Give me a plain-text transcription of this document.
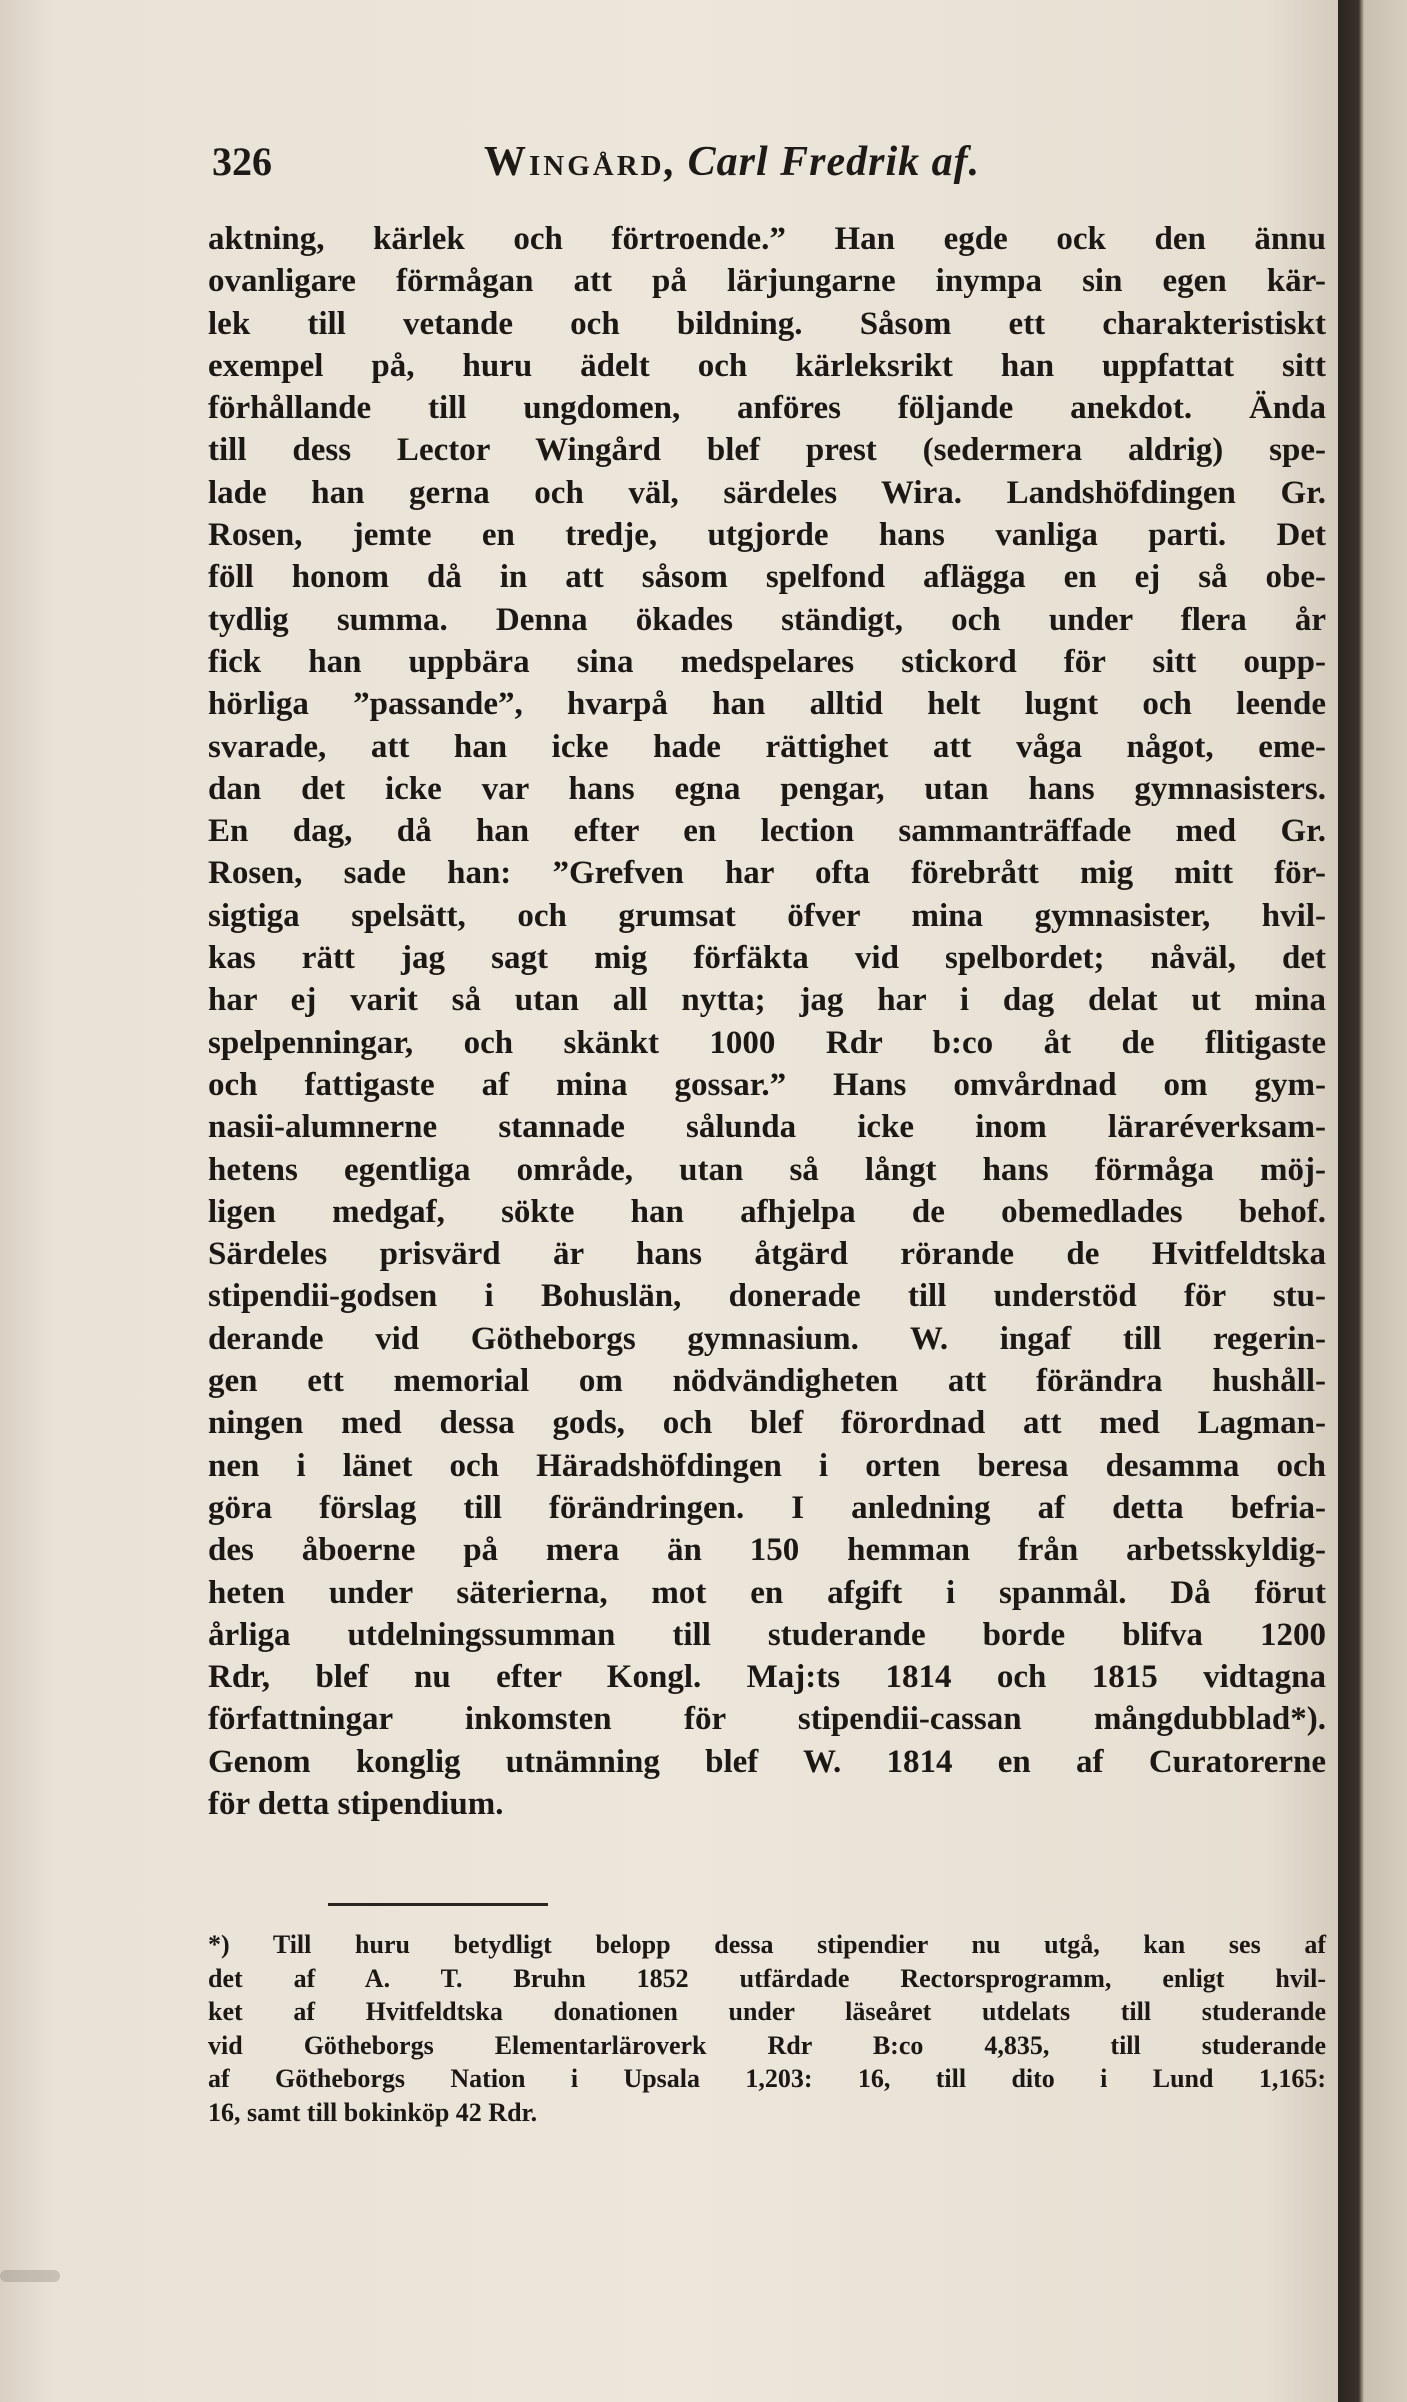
326	Wingård, Carl Fredrik af.
aktning, kärlek och förtroende.” Han egde ock den ännu
ovanligare förmågan att på lärjungarne inympa sin egen kär-
lek till vetande och bildning. Såsom ett charakteristiskt
exempel på, huru ädelt och kärleksrikt han uppfattat sitt
förhållande till ungdomen, anföres följande anekdot. Ända
till dess Lector Wingård blef prest (sedermera aldrig) spe-
lade han gerna och väl, särdeles Wira. Landshöfdingen Gr.
Rosen, jemte en tredje, utgjorde hans vanliga parti. Det
föll honom då in att såsom spelfond aflägga en ej så obe-
tydlig summa. Denna ökades ständigt, och under flera år
fick han uppbära sina medspelares stickord för sitt oupp-
hörliga ”passande”, hvarpå han alltid helt lugnt och leende
svarade, att han icke hade rättighet att våga något, eme-
dan det icke var hans egna pengar, utan hans gymnasisters.
En dag, då han efter en lection sammanträffade med Gr.
Rosen, sade han: ”Grefven har ofta förebrått mig mitt för-
sigtiga spelsätt, och grumsat öfver mina gymnasister, hvil-
kas rätt jag sagt mig förfäkta vid spelbordet; nåväl, det
har ej varit så utan all nytta; jag har i dag delat ut mina
spelpenningar, och skänkt 1000 Rdr b:co åt de flitigaste
och fattigaste af mina gossar.” Hans omvårdnad om gym-
nasii-alumnerne stannade sålunda icke inom läraréverksam-
hetens egentliga område, utan så långt hans förmåga möj-
ligen medgaf, sökte han afhjelpa de obemedlades behof.
Särdeles prisvärd är hans åtgärd rörande de Hvitfeldtska
stipendii-godsen i Bohuslän, donerade till understöd för stu-
derande vid Götheborgs gymnasium. W. ingaf till regerin-
gen ett memorial om nödvändigheten att förändra hushåll-
ningen med dessa gods, och blef förordnad att med Lagman-
nen i länet och Häradshöfdingen i orten beresa desamma och
göra förslag till förändringen. I anledning af detta befria-
des åboerne på mera än 150 hemman från arbetsskyldig-
heten under säterierna, mot en afgift i spanmål. Då förut
årliga utdelningssumman till studerande borde blifva 1200
Rdr, blef nu efter Kongl. Maj:ts 1814 och 1815 vidtagna
författningar inkomsten för stipendii-cassan mångdubblad*).
Genom konglig utnämning blef W. 1814 en af Curatorerne
för detta stipendium.
*) Till huru betydligt belopp dessa stipendier nu utgå, kan ses af
det af A. T. Bruhn 1852 utfärdade Rectorsprogramm, enligt hvil-
ket af Hvitfeldtska donationen under läseåret utdelats till studerande
vid Götheborgs Elementarläroverk Rdr B:co 4,835, till studerande
af Götheborgs Nation i Upsala 1,203: 16, till dito i Lund 1,165:
16, samt till bokinköp 42 Rdr.
